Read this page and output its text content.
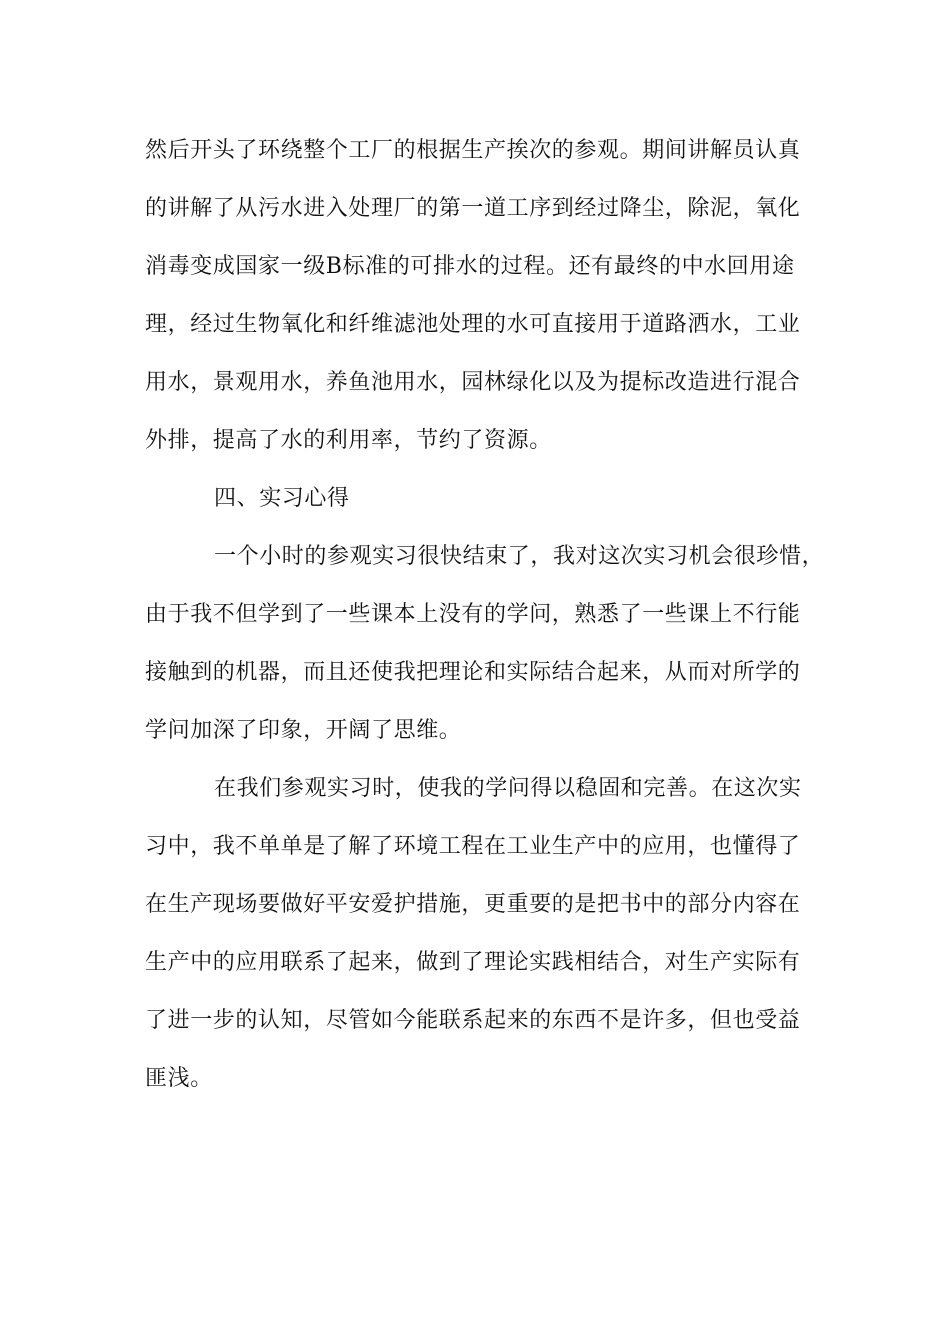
然后开头了环绕整个工厂的根据生产挨次的参观。期间讲解员认真
的讲解了从污水进入处理厂的第一道工序到经过降尘，除泥，氧化
消毒变成国家一级B标准的可排水的过程。还有最终的中水回用途
理，经过生物氧化和纤维滤池处理的水可直接用于道路洒水，工业
用水，景观用水，养鱼池用水，园林绿化以及为提标改造进行混合
外排，提高了水的利用率，节约了资源。
四、实习心得
一个小时的参观实习很快结束了，我对这次实习机会很珍惜，
由于我不但学到了一些课本上没有的学问，熟悉了一些课上不行能
接触到的机器，而且还使我把理论和实际结合起来，从而对所学的
学问加深了印象，开阔了思维。
在我们参观实习时，使我的学问得以稳固和完善。在这次实
习中，我不单单是了解了环境工程在工业生产中的应用，也懂得了
在生产现场要做好平安爱护措施，更重要的是把书中的部分内容在
生产中的应用联系了起来，做到了理论实践相结合，对生产实际有
了进一步的认知，尽管如今能联系起来的东西不是许多，但也受益
匪浅。
